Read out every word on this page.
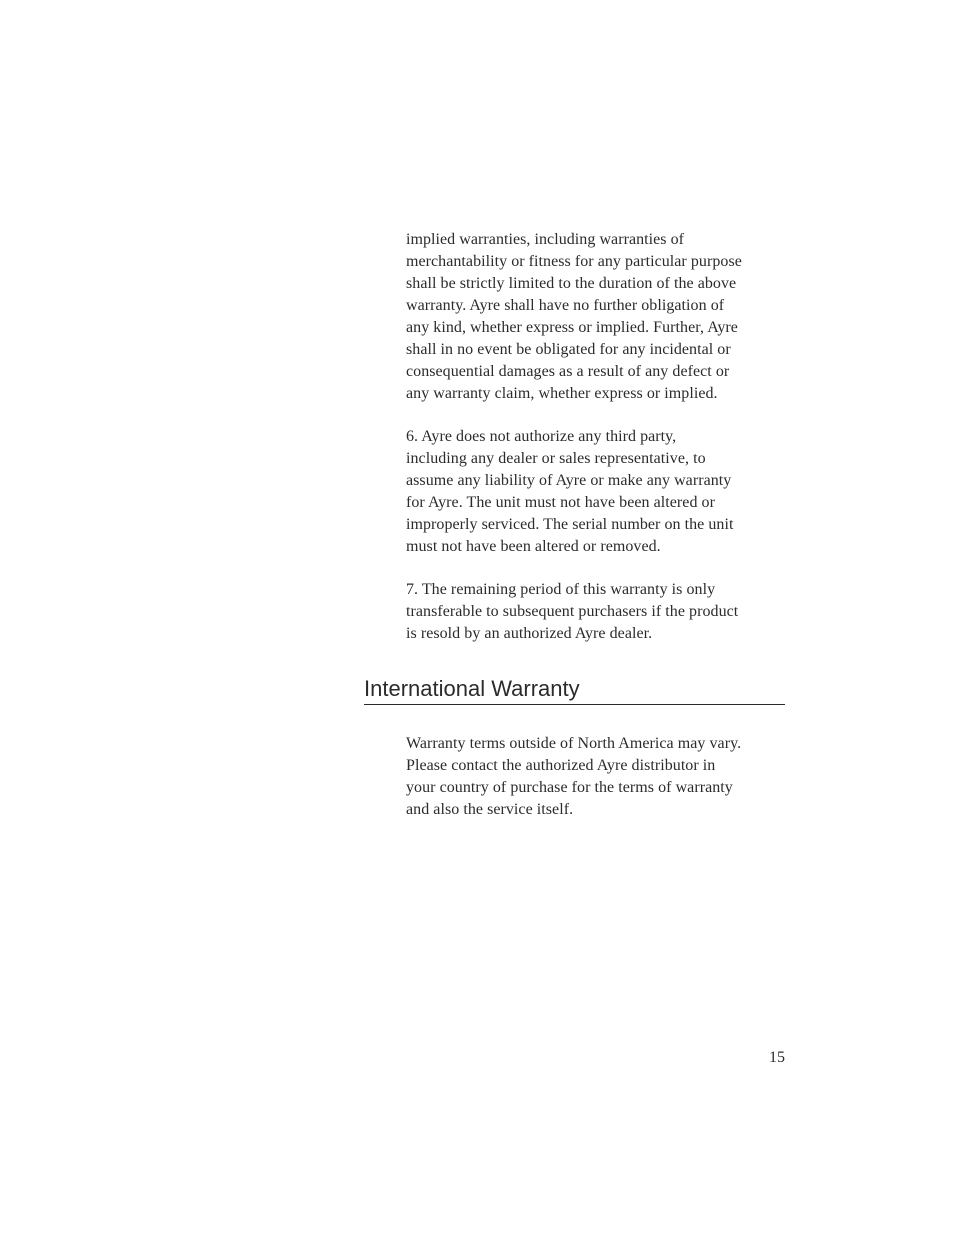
implied warranties, including warranties of
merchantability or fitness for any particular purpose
shall be strictly limited to the duration of the above
warranty. Ayre shall have no further obligation of
any kind, whether express or implied. Further, Ayre
shall in no event be obligated for any incidental or
consequential damages as a result of any defect or
any warranty claim, whether express or implied.
6. Ayre does not authorize any third party,
including any dealer or sales representative, to
assume any liability of Ayre or make any warranty
for Ayre. The unit must not have been altered or
improperly serviced. The serial number on the unit
must not have been altered or removed.
7. The remaining period of this warranty is only
transferable to subsequent purchasers if the product
is resold by an authorized Ayre dealer.
International Warranty
Warranty terms outside of North America may vary.
Please contact the authorized Ayre distributor in
your country of purchase for the terms of warranty
and also the service itself.
15
